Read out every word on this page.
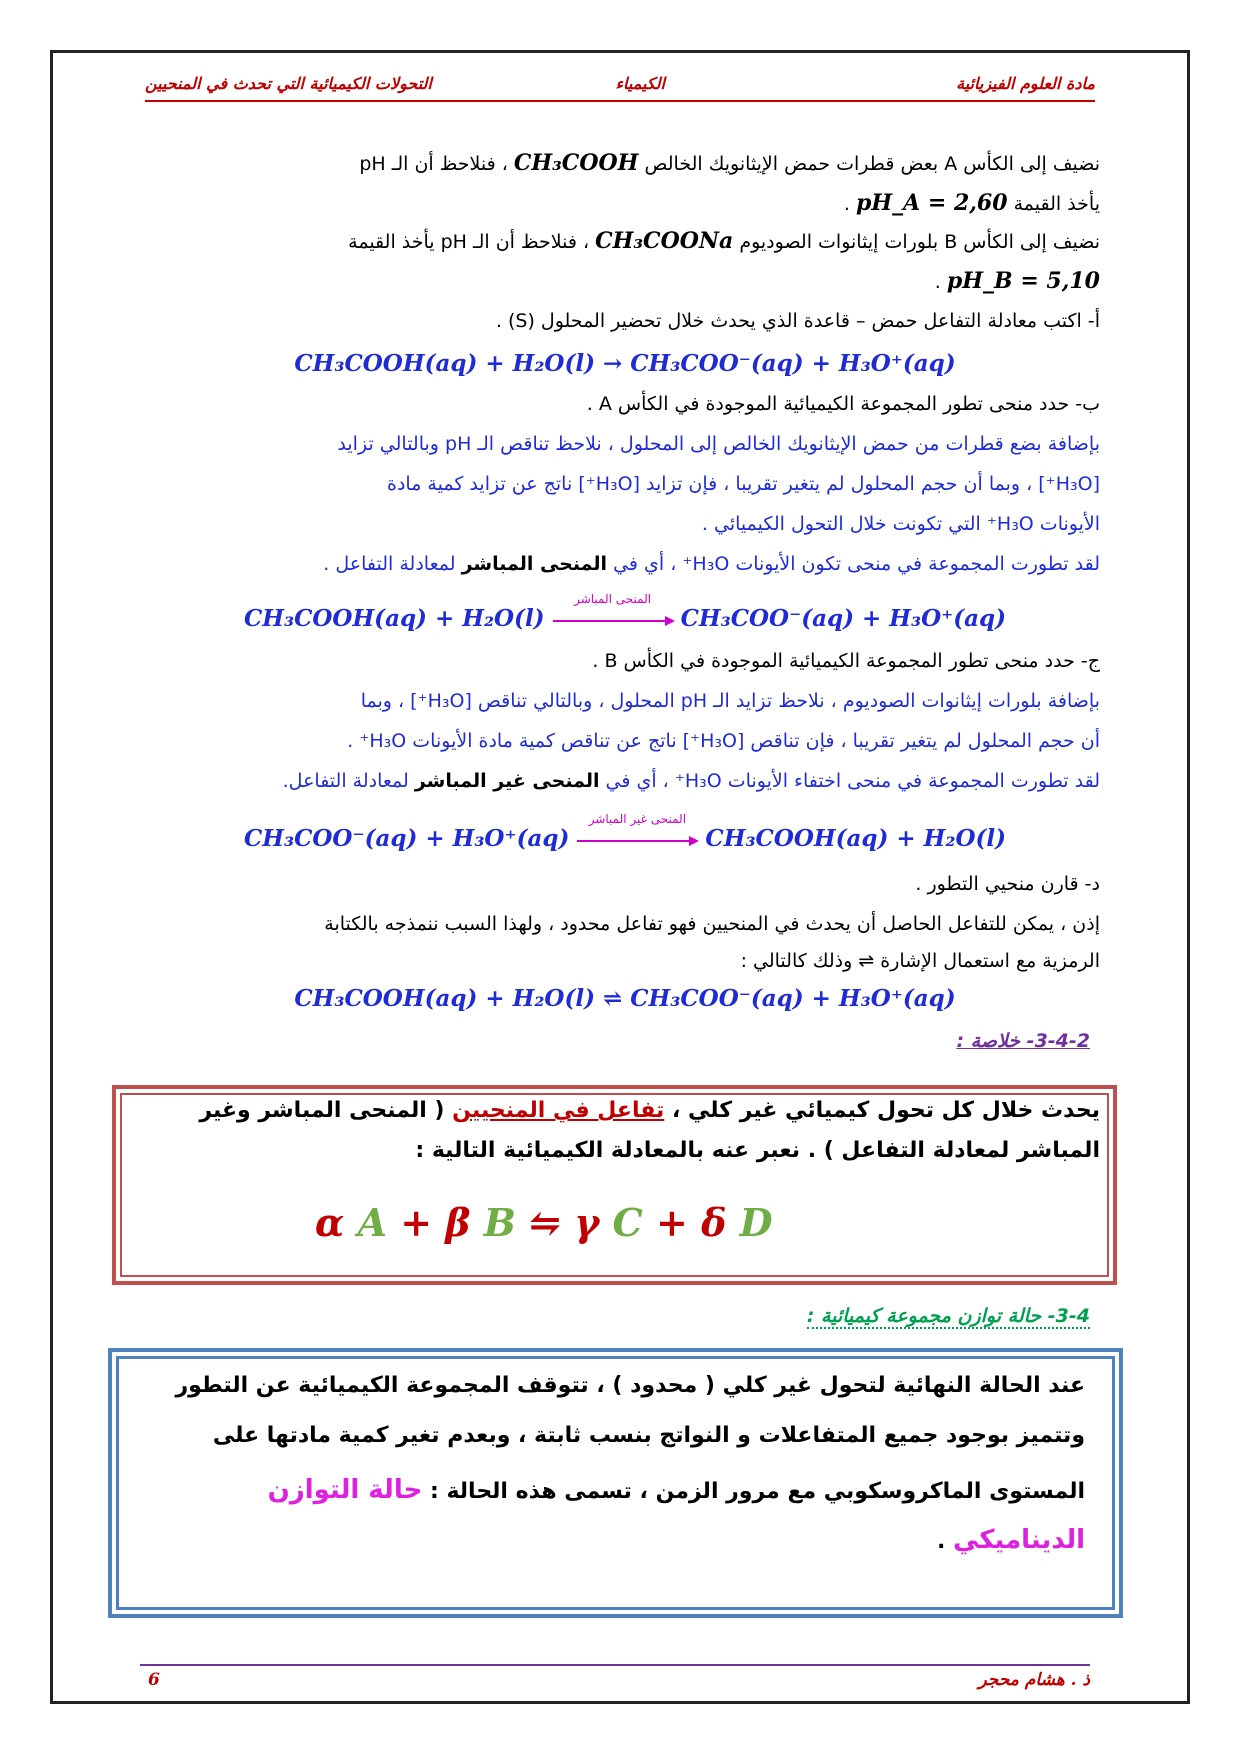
مادة العلوم الفيزيائية
الكيمياء
التحولات الكيميائية التي تحدث في المنحيين
نضيف إلى الكأس A بعض قطرات حمض الإيثانويك الخالص CH₃COOH ، فنلاحظ أن الـ pH
يأخذ القيمة pH_A = 2,60 .
نضيف إلى الكأس B بلورات إيثانوات الصوديوم CH₃COONa ، فنلاحظ أن الـ pH يأخذ القيمة
pH_B = 5,10 .
أ- اكتب معادلة التفاعل حمض – قاعدة الذي يحدث خلال تحضير المحلول (S) .
CH₃COOH(aq) + H₂O(l) → CH₃COO⁻(aq) + H₃O⁺(aq)
ب- حدد منحى تطور المجموعة الكيميائية الموجودة في الكأس A .
بإضافة بضع قطرات من حمض الإيثانويك الخالص إلى المحلول ، نلاحظ تناقص الـ pH وبالتالي تزايد
[H₃O⁺] ، وبما أن حجم المحلول لم يتغير تقريبا ، فإن تزايد [H₃O⁺] ناتج عن تزايد كمية مادة
الأيونات H₃O⁺ التي تكونت خلال التحول الكيميائي .
لقد تطورت المجموعة في منحى تكون الأيونات H₃O⁺ ، أي في المنحى المباشر لمعادلة التفاعل .
CH₃COOH(aq) + H₂O(l)
المنحى المباشر
CH₃COO⁻(aq) + H₃O⁺(aq)
ج- حدد منحى تطور المجموعة الكيميائية الموجودة في الكأس B .
بإضافة بلورات إيثانوات الصوديوم ، نلاحظ تزايد الـ pH المحلول ، وبالتالي تناقص [H₃O⁺] ، وبما
أن حجم المحلول لم يتغير تقريبا ، فإن تناقص [H₃O⁺] ناتج عن تناقص كمية مادة الأيونات H₃O⁺ .
لقد تطورت المجموعة في منحى اختفاء الأيونات H₃O⁺ ، أي في المنحى غير المباشر لمعادلة التفاعل.
CH₃COO⁻(aq) + H₃O⁺(aq)
المنحى غير المباشر
CH₃COOH(aq) + H₂O(l)
د- قارن منحيي التطور .
إذن ، يمكن للتفاعل الحاصل أن يحدث في المنحيين فهو تفاعل محدود ، ولهذا السبب ننمذجه بالكتابة
الرمزية مع استعمال الإشارة ⇌ وذلك كالتالي :
CH₃COOH(aq) + H₂O(l) ⇌ CH₃COO⁻(aq) + H₃O⁺(aq)
3-4-2- خلاصة :
يحدث خلال كل تحول كيميائي غير كلي ، تفاعل في المنحيين ( المنحى المباشر وغير
المباشر لمعادلة التفاعل ) . نعبر عنه بالمعادلة الكيميائية التالية :
α A + β B ⇋ γ C + δ D
3-4- حالة توازن مجموعة كيميائية :
عند الحالة النهائية لتحول غير كلي ( محدود ) ، تتوقف المجموعة الكيميائية عن التطور
وتتميز بوجود جميع المتفاعلات و النواتج بنسب ثابتة ، وبعدم تغير كمية مادتها على
المستوى الماكروسكوبي مع مرور الزمن ، تسمى هذه الحالة : حالة التوازن
الديناميكي .
ذ . هشام محجر
6
